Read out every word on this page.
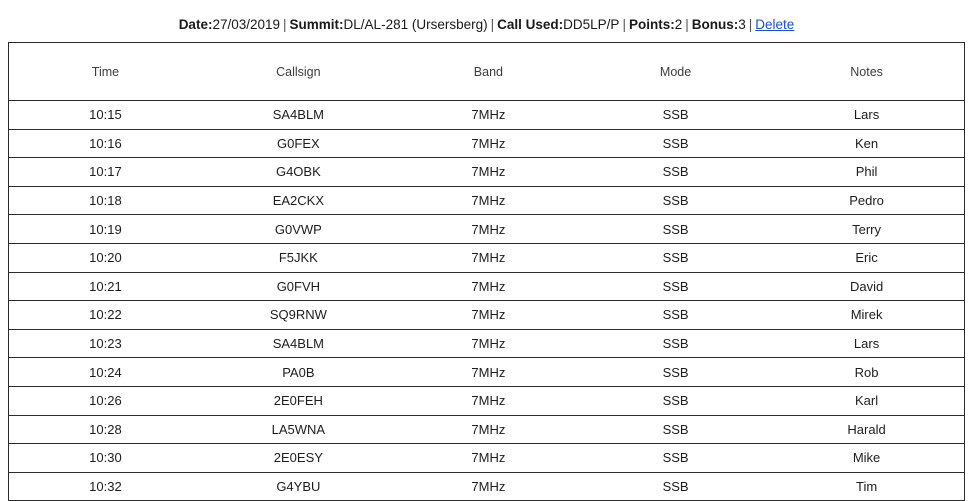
Date:27/03/2019 | Summit:DL/AL-281 (Ursersberg) | Call Used:DD5LP/P | Points:2 | Bonus:3 | Delete
Time	Callsign	Band	Mode	Notes
10:15	SA4BLM	7MHz	SSB	Lars
10:16	G0FEX	7MHz	SSB	Ken
10:17	G4OBK	7MHz	SSB	Phil
10:18	EA2CKX	7MHz	SSB	Pedro
10:19	G0VWP	7MHz	SSB	Terry
10:20	F5JKK	7MHz	SSB	Eric
10:21	G0FVH	7MHz	SSB	David
10:22	SQ9RNW	7MHz	SSB	Mirek
10:23	SA4BLM	7MHz	SSB	Lars
10:24	PA0B	7MHz	SSB	Rob
10:26	2E0FEH	7MHz	SSB	Karl
10:28	LA5WNA	7MHz	SSB	Harald
10:30	2E0ESY	7MHz	SSB	Mike
10:32	G4YBU	7MHz	SSB	Tim
